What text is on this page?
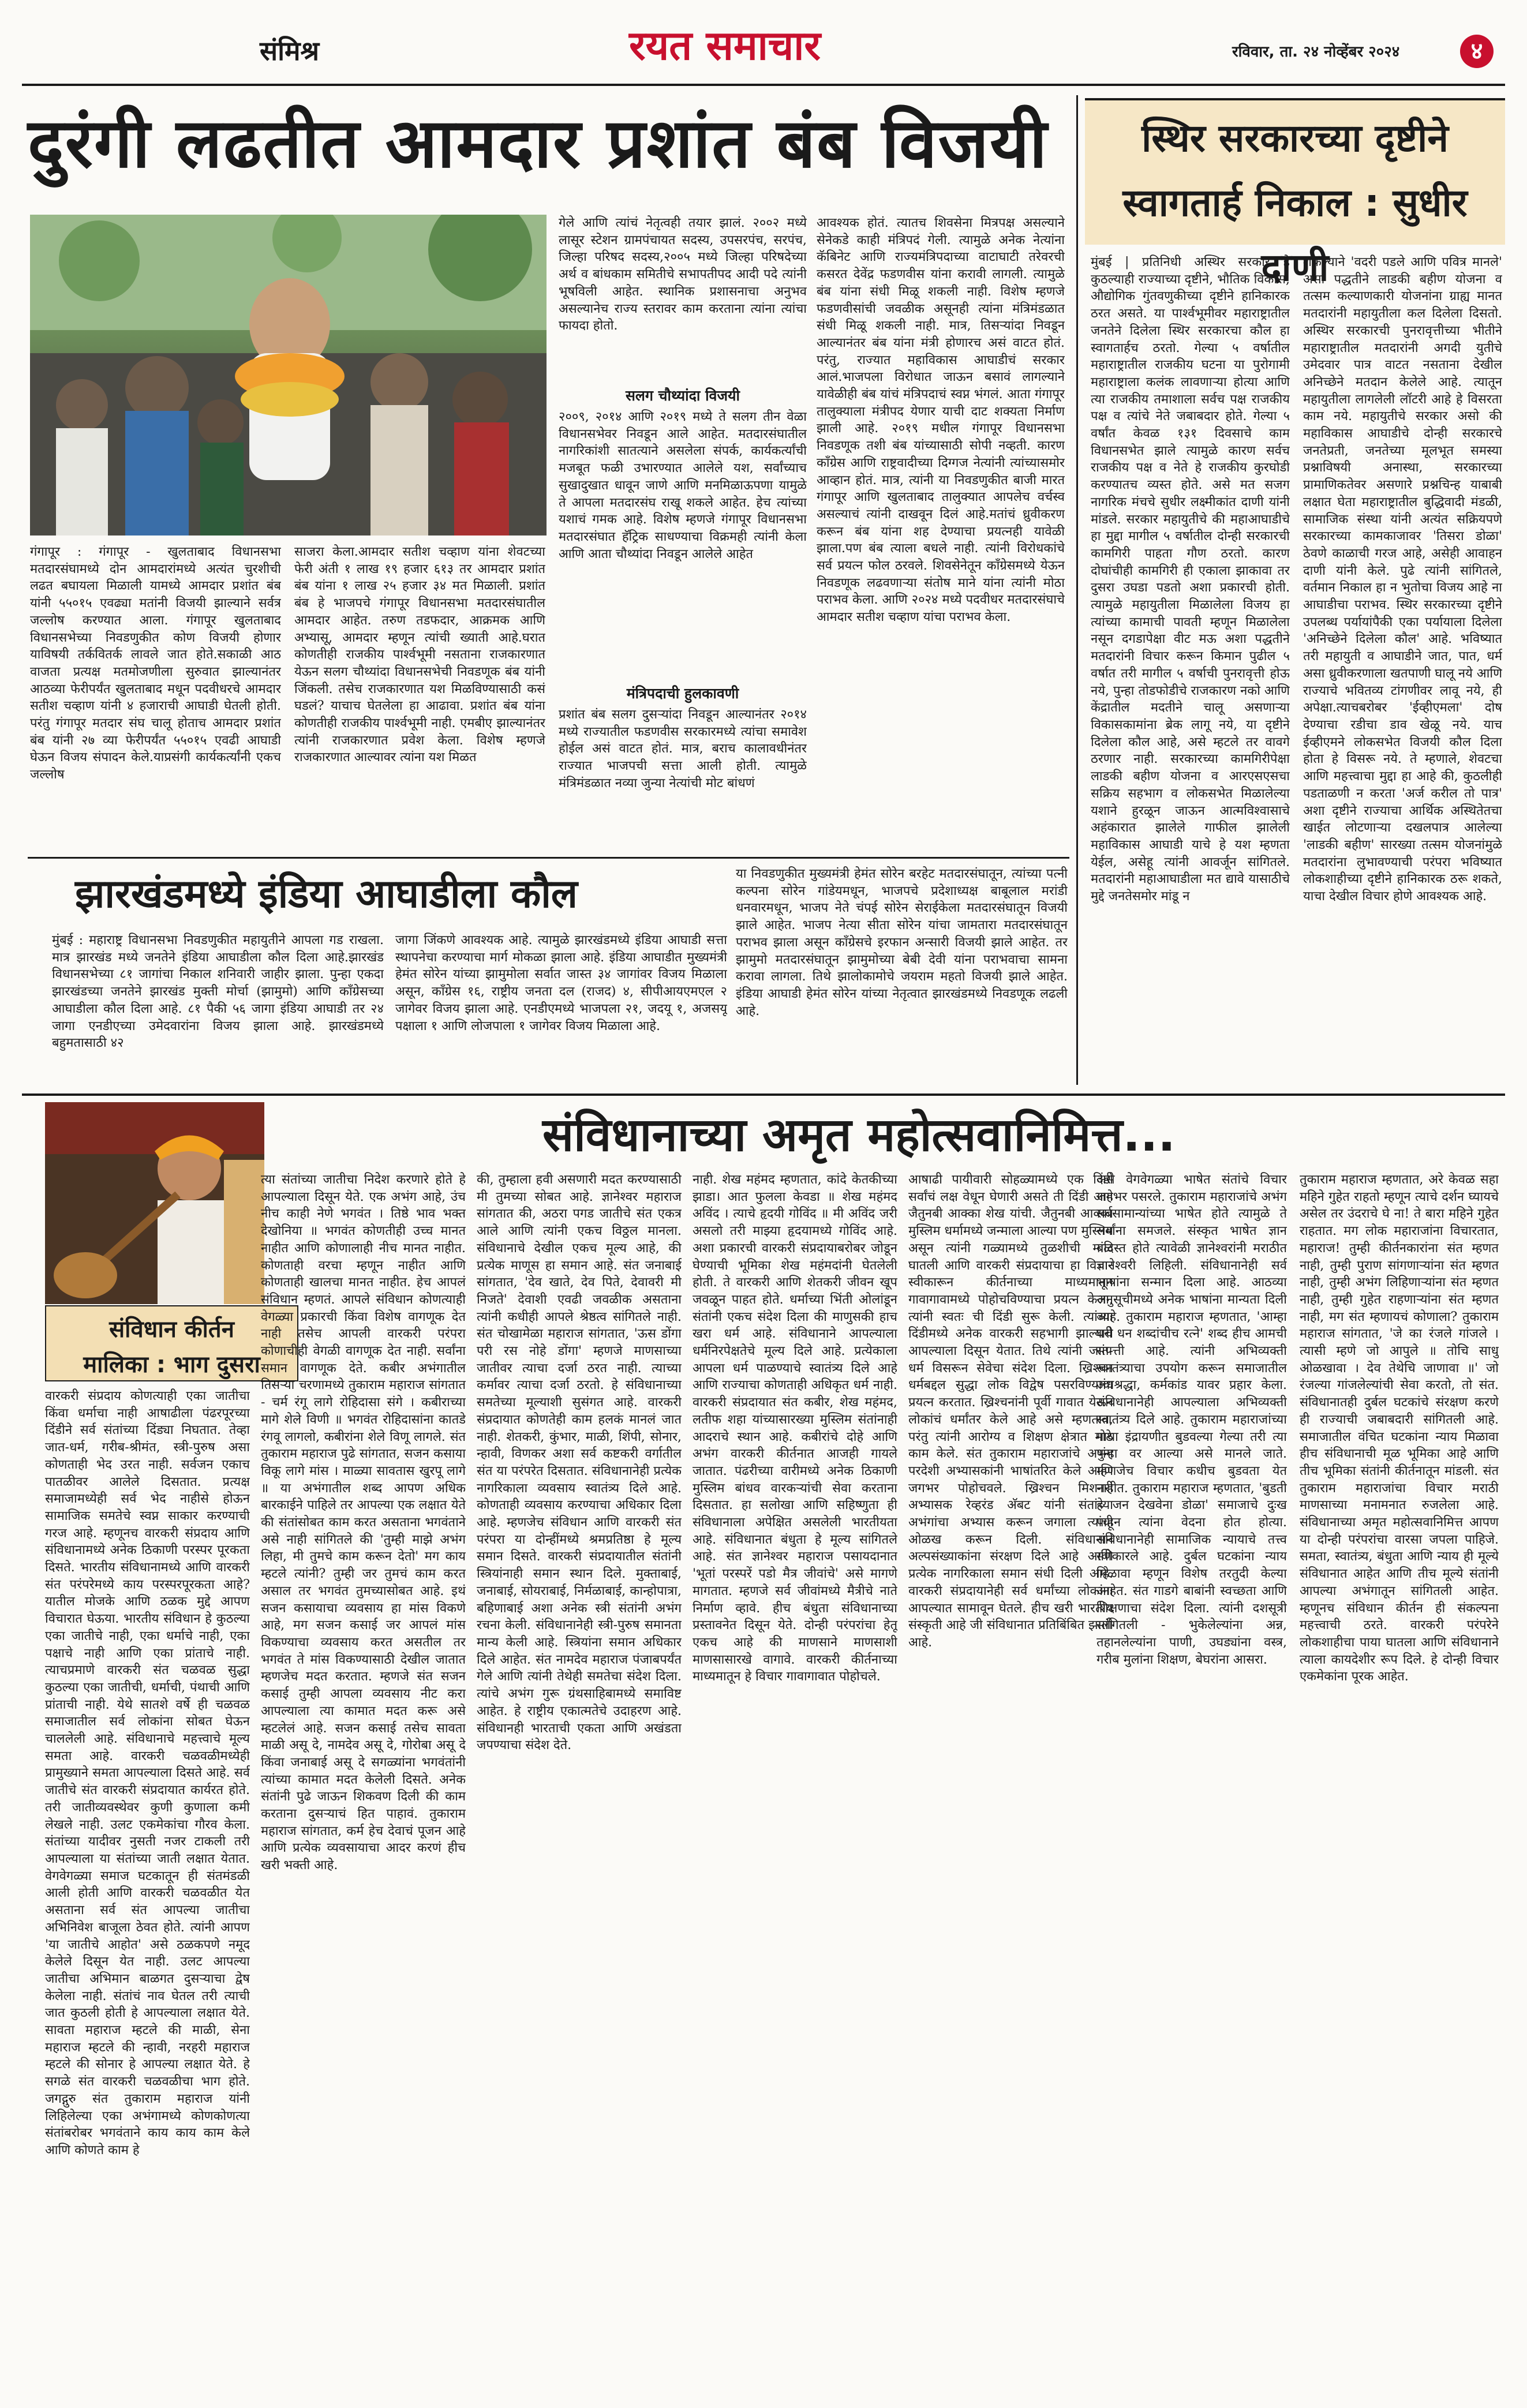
संमिश्र	रयत समाचार	रविवार, ता. २४ नोव्हेंबर २०२४	४
दुरंगी लढतीत आमदार प्रशांत बंब विजयी
गंगापूर : गंगापूर - खुलताबाद विधानसभा मतदारसंघामध्ये दोन आमदारांमध्ये अत्यंत चुरशीची लढत बघायला मिळाली यामध्ये आमदार प्रशांत बंब यांनी ५५०१५ एवढ्या मतांनी विजयी झाल्याने सर्वत्र जल्लोष करण्यात आला. गंगापूर खुलताबाद विधानसभेच्या निवडणुकीत कोण विजयी होणार याविषयी तर्कवितर्क लावले जात होते.सकाळी आठ वाजता प्रत्यक्ष मतमोजणीला सुरुवात झाल्यानंतर आठव्या फेरीपर्यंत खुलताबाद मधून पदवीधरचे आमदार सतीश चव्हाण यांनी ४ हजाराची आघाडी घेतली होती. परंतु गंगापूर मतदार संघ चालू होताच आमदार प्रशांत बंब यांनी २७ व्या फेरीपर्यंत ५५०१५ एवढी आघाडी घेऊन विजय संपादन केले.याप्रसंगी कार्यकर्त्यांनी एकच जल्लोष
साजरा केला.आमदार सतीश चव्हाण यांना शेवटच्या फेरी अंती १ लाख १९ हजार ६१३ तर आमदार प्रशांत बंब यांना १ लाख २५ हजार ३४ मत मिळाली. प्रशांत बंब हे भाजपचे गंगापूर विधानसभा मतदारसंघातील आमदार आहेत. तरुण तडफदार, आक्रमक आणि अभ्यासू, आमदार म्हणून त्यांची ख्याती आहे.घरात कोणतीही राजकीय पार्श्वभूमी नसताना राजकारणात येऊन सलग चौथ्यांदा विधानसभेची निवडणूक बंब यांनी जिंकली. तसेच राजकारणात यश मिळविण्यासाठी कसं घडलं? याचाच घेतलेला हा आढावा. प्रशांत बंब यांना कोणतीही राजकीय पार्श्वभूमी नाही. एमबीए झाल्यानंतर त्यांनी राजकारणात प्रवेश केला. विशेष म्हणजे राजकारणात आल्यावर त्यांना यश मिळत
गेले आणि त्यांचं नेतृत्वही तयार झालं. २००२ मध्ये लासूर स्टेशन ग्रामपंचायत सदस्य, उपसरपंच, सरपंच, जिल्हा परिषद सदस्य,२००५ मध्ये जिल्हा परिषदेच्या अर्थ व बांधकाम समितीचे सभापतीपद आदी पदे त्यांनी भूषविली आहेत. स्थानिक प्रशासनाचा अनुभव असल्यानेच राज्य स्तरावर काम करताना त्यांना त्यांचा फायदा होतो.
सलग चौथ्यांदा विजयी
२००९, २०१४ आणि २०१९ मध्ये ते सलग तीन वेळा विधानसभेवर निवडून आले आहेत. मतदारसंघातील नागरिकांशी सातत्याने असलेला संपर्क, कार्यकर्त्यांची मजबूत फळी उभारण्यात आलेले यश, सर्वांच्याच सुखादुखात धावून जाणे आणि मनमिळाऊपणा यामुळे ते आपला मतदारसंघ राखू शकले आहेत. हेच त्यांच्या यशाचं गमक आहे. विशेष म्हणजे गंगापूर विधानसभा मतदारसंघात हॅट्रिक साधण्याचा विक्रमही त्यांनी केला आणि आता चौथ्यांदा निवडून आलेले आहेत
मंत्रिपदाची हुलकावणी
प्रशांत बंब सलग दुसऱ्यांदा निवडून आल्यानंतर २०१४ मध्ये राज्यातील फडणवीस सरकारमध्ये त्यांचा समावेश होईल असं वाटत होतं. मात्र, बराच कालावधीनंतर राज्यात भाजपची सत्ता आली होती. त्यामुळे मंत्रिमंडळात नव्या जुन्या नेत्यांची मोट बांधणं
आवश्यक होतं. त्यातच शिवसेना मित्रपक्ष असल्याने सेनेकडे काही मंत्रिपदं गेली. त्यामुळे अनेक नेत्यांना कॅबिनेट आणि राज्यमंत्रिपदाच्या वाटाघाटी तरेवरची कसरत देवेंद्र फडणवीस यांना करावी लागली. त्यामुळे बंब यांना संधी मिळू शकली नाही. विशेष म्हणजे फडणवीसांची जवळीक असूनही त्यांना मंत्रिमंडळात संधी मिळू शकली नाही. मात्र, तिसऱ्यांदा निवडून आल्यानंतर बंब यांना मंत्री होणारच असं वाटत होतं. परंतु, राज्यात महाविकास आघाडीचं सरकार आलं.भाजपला विरोधात जाऊन बसावं लागल्याने यावेळीही बंब यांचं मंत्रिपदाचं स्वप्न भंगलं. आता गंगापूर तालुक्याला मंत्रीपद येणार याची दाट शक्यता निर्माण झाली आहे. २०१९ मधील गंगापूर विधानसभा निवडणूक तशी बंब यांच्यासाठी सोपी नव्हती. कारण काँग्रेस आणि राष्ट्रवादीच्या दिग्गज नेत्यांनी त्यांच्यासमोर आव्हान होतं. मात्र, त्यांनी या निवडणुकीत बाजी मारत गंगापूर आणि खुलताबाद तालुक्यात आपलेच वर्चस्व असल्याचं त्यांनी दाखवून दिलं आहे.मतांचं ध्रुवीकरण करून बंब यांना शह देण्याचा प्रयत्नही यावेळी झाला.पण बंब त्याला बधले नाही. त्यांनी विरोधकांचे सर्व प्रयत्न फोल ठरवले. शिवसेनेतून काँग्रेसमध्ये येऊन निवडणूक लढवणाऱ्या संतोष माने यांना त्यांनी मोठा पराभव केला. आणि २०२४ मध्ये पदवीधर मतदारसंघाचे आमदार सतीश चव्हाण यांचा पराभव केला.
स्थिर सरकारच्या दृष्टीने स्वागतार्ह निकाल : सुधीर दाणी
मुंबई | प्रतिनिधी अस्थिर सरकार हे कुठल्याही राज्याच्या दृष्टीने, भौतिक विकास, औद्योगिक गुंतवणुकीच्या दृष्टीने हानिकारक ठरत असते. या पार्श्वभूमीवर महाराष्ट्रातील जनतेने दिलेला स्थिर सरकारचा कौल हा स्वागतार्हच ठरतो. गेल्या ५ वर्षातील महाराष्ट्रातील राजकीय घटना या पुरोगामी महाराष्ट्राला कलंक लावणाऱ्या होत्या आणि त्या राजकीय तमाशाला सर्वच पक्ष राजकीय पक्ष व त्यांचे नेते जबाबदार होते. गेल्या ५ वर्षांत केवळ १३१ दिवसाचे काम विधानसभेत झाले त्यामुळे कारण सर्वच राजकीय पक्ष व नेते हे राजकीय कुरघोडी करण्यातच व्यस्त होते. असे मत सजग नागरिक मंचचे सुधीर लक्ष्मीकांत दाणी यांनी मांडले. सरकार महायुतीचे की महाआघाडीचे हा मुद्दा मागील ५ वर्षातील दोन्ही सरकारची कामगिरी पाहता गौण ठरतो. कारण दोघांचीही कामगिरी ही एकाला झाकावा तर दुसरा उघडा पडतो अशा प्रकारची होती. त्यामुळे महायुतीला मिळालेला विजय हा त्यांच्या कामाची पावती म्हणून मिळालेला नसून दगडापेक्षा वीट मऊ अशा पद्धतीने मतदारांनी विचार करून किमान पुढील ५ वर्षात तरी मागील ५ वर्षाची पुनरावृत्ती होऊ नये, पुन्हा तोडफोडीचे राजकारण नको आणि केंद्रातील मदतीने चालू असणाऱ्या विकासकामांना ब्रेक लागू नये, या दृष्टीने दिलेला कौल आहे, असे म्हटले तर वावगे ठरणार नाही. सरकारच्या कामगिरीपेक्षा लाडकी बहीण योजना व आरएसएसचा सक्रिय सहभाग व लोकसभेत मिळालेल्या यशाने हुरळून जाऊन आत्मविश्वासाचे अहंकारात झालेले गाफील झालेली महाविकास आघाडी याचे हे यश म्हणता येईल, असेहू त्यांनी आवर्जून सांगितले. मतदारांनी महाआघाडीला मत द्यावे यासाठीचे मुद्दे जनतेसमोर मांडू न
शकल्याने 'वदरी पडले आणि पवित्र मानले' असा पद्धतीने लाडकी बहीण योजना व तत्सम कल्याणकारी योजनांना ग्राह्य मानत मतदारांनी महायुतीला कल दिलेला दिसतो. अस्थिर सरकारची पुनरावृत्तीच्या भीतीने महाराष्ट्रातील मतदारांनी अगदी युतीचे उमेदवार पात्र वाटत नसताना देखील अनिच्छेने मतदान केलेले आहे. त्यातून महायुतीला लागलेली लॉटरी आहे हे विसरता काम नये. महायुतीचे सरकार असो की महाविकास आघाडीचे दोन्ही सरकारचे जनतेप्रती, जनतेच्या मूलभूत समस्या प्रश्नाविषयी अनास्था, सरकारच्या प्रामाणिकतेवर असणारे प्रश्नचिन्ह याबाबी लक्षात घेता महाराष्ट्रातील बुद्धिवादी मंडळी, सामाजिक संस्था यांनी अत्यंत सक्रियपणे सरकारच्या कामकाजावर 'तिसरा डोळा' ठेवणे काळाची गरज आहे, असेही आवाहन दाणी यांनी केले. पुढे त्यांनी सांगितले, वर्तमान निकाल हा न भुतोचा विजय आहे ना आघाडीचा पराभव. स्थिर सरकारच्या दृष्टीने उपलब्ध पर्यायांपैकी एका पर्यायाला दिलेला 'अनिच्छेने दिलेला कौल' आहे. भविष्यात तरी महायुती व आघाडीने जात, पात, धर्म असा ध्रुवीकरणाला खतपाणी घालू नये आणि राज्याचे भवितव्य टांगणीवर लावू नये, ही अपेक्षा.त्याचबरोबर 'ईव्हीएमला' दोष देण्याचा रडीचा डाव खेळू नये. याच ईव्हीएमने लोकसभेत विजयी कौल दिला होता हे विसरू नये. ते म्हणाले, शेवटचा आणि महत्त्वाचा मुद्दा हा आहे की, कुठलीही पडताळणी न करता 'अर्ज करील तो पात्र' अशा दृष्टीने राज्याचा आर्थिक अस्थितेतचा खाईत लोटणाऱ्या दखलपात्र आलेल्या 'लाडकी बहीण' सारख्या तत्सम योजनांमुळे मतदारांना लुभावण्याची परंपरा भविष्यात लोकशाहीच्या दृष्टीने हानिकारक ठरू शकते, याचा देखील विचार होणे आवश्यक आहे.
झारखंडमध्ये इंडिया आघाडीला कौल
मुंबई : महाराष्ट्र विधानसभा निवडणुकीत महायुतीने आपला गड राखला. मात्र झारखंड मध्ये जनतेने इंडिया आघाडीला कौल दिला आहे.झारखंड विधानसभेच्या ८१ जागांचा निकाल शनिवारी जाहीर झाला. पुन्हा एकदा झारखंडच्या जनतेने झारखंड मुक्ती मोर्चा (झामुमो) आणि काँग्रेसच्या आघाडीला कौल दिला आहे. ८१ पैकी ५६ जागा इंडिया आघाडी तर २४ जागा एनडीएच्या उमेदवारांना विजय झाला आहे. झारखंडमध्ये बहुमतासाठी ४२
जागा जिंकणे आवश्यक आहे. त्यामुळे झारखंडमध्ये इंडिया आघाडी सत्ता स्थापनेचा करण्याचा मार्ग मोकळा झाला आहे. इंडिया आघाडीत मुख्यमंत्री हेमंत सोरेन यांच्या झामुमोला सर्वात जास्त ३४ जागांवर विजय मिळाला असून, काँग्रेस १६, राष्ट्रीय जनता दल (राजद) ४, सीपीआयएमएल २ जागेवर विजय झाला आहे. एनडीएमध्ये भाजपला २१, जदयू १, अजसयू पक्षाला १ आणि लोजपाला १ जागेवर विजय मिळाला आहे.
या निवडणुकीत मुख्यमंत्री हेमंत सोरेन बरहेट मतदारसंघातून, त्यांच्या पत्नी कल्पना सोरेन गांडेयमधून, भाजपचे प्रदेशाध्यक्ष बाबूलाल मरांडी धनवारमधून, भाजप नेते चंपई सोरेन सेराईकेला मतदारसंघातून विजयी झाले आहेत. भाजप नेत्या सीता सोरेन यांचा जामतारा मतदारसंघातून पराभव झाला असून काँग्रेसचे इरफान अन्सारी विजयी झाले आहेत. तर झामुमो मतदारसंघातून झामुमोच्या बेबी देवी यांना पराभवाचा सामना करावा लागला. तिथे झालोकामोचे जयराम महतो विजयी झाले आहेत. इंडिया आघाडी हेमंत सोरेन यांच्या नेतृत्वात झारखंडमध्ये निवडणूक लढली आहे.
संविधानाच्या अमृत महोत्सवानिमित्त...
संविधान कीर्तन
मालिका : भाग दुसरा
वारकरी संप्रदाय कोणत्याही एका जातीचा किंवा धर्माचा नाही आषाढीला पंढरपूरच्या दिंडीने सर्व संतांच्या दिंड्या निघतात. तेव्हा जात-धर्म, गरीब-श्रीमंत, स्त्री-पुरुष असा कोणताही भेद उरत नाही. सर्वजन एकाच पातळीवर आलेले दिसतात. प्रत्यक्ष समाजामध्येही सर्व भेद नाहीसे होऊन सामाजिक समतेचे स्वप्न साकार करण्याची गरज आहे. म्हणूनच वारकरी संप्रदाय आणि संविधानामध्ये अनेक ठिकाणी परस्पर पूरकता दिसते. भारतीय संविधानामध्ये आणि वारकरी संत परंपरेमध्ये काय परस्परपूरकता आहे? यातील मोजके आणि ठळक मुद्दे आपण विचारात घेऊया. भारतीय संविधान हे कुठल्या एका जातीचे नाही, एका धर्माचे नाही, एका पक्षाचे नाही आणि एका प्रांताचे नाही. त्याचप्रमाणे वारकरी संत चळवळ सुद्धा कुठल्या एका जातीची, धर्माची, पंथाची आणि प्रांताची नाही. येथे सातशे वर्षे ही चळवळ समाजातील सर्व लोकांना सोबत घेऊन चाललेली आहे. संविधानाचे महत्त्वाचे मूल्य समता आहे. वारकरी चळवळीमध्येही प्रामुख्याने समता आपल्याला दिसते आहे. सर्व जातीचे संत वारकरी संप्रदायात कार्यरत होते. तरी जातीव्यवस्थेवर कुणी कुणाला कमी लेखले नाही. उलट एकमेकांचा गौरव केला. संतांच्या यादीवर नुसती नजर टाकली तरी आपल्याला या संतांच्या जाती लक्षात येतात. वेगवेगळ्या समाज घटकातून ही संतमंडळी आली होती आणि वारकरी चळवळीत येत असताना सर्व संत आपल्या जातीचा अभिनिवेश बाजूला ठेवत होते. त्यांनी आपण 'या जातीचे आहोत' असे ठळकपणे नमूद केलेले दिसून येत नाही. उलट आपल्या जातीचा अभिमान बाळगत दुसऱ्याचा द्वेष केलेला नाही. संतांचं नाव घेतल तरी त्याची जात कुठली होती हे आपल्याला लक्षात येते. सावता महाराज म्हटले की माळी, सेना महाराज म्हटले की न्हावी, नरहरी महाराज म्हटले की सोनार हे आपल्या लक्षात येते. हे सगळे संत वारकरी चळवळीचा भाग होते. जगद्गुरु संत तुकाराम महाराज यांनी लिहिलेल्या एका अभंगामध्ये कोणकोणत्या संतांबरोबर भगवंताने काय काय काम केले आणि कोणते काम हे
त्या संतांच्या जातीचा निदेश करणारे होते हे आपल्याला दिसून येते. एक अभंग आहे, उंच नीच काही नेणे भगवंत । तिष्ठे भाव भक्त देखोनिया ॥ भगवंत कोणतीही उच्च मानत नाहीत आणि कोणालाही नीच मानत नाहीत. कोणताही वरचा म्हणून नाहीत आणि कोणताही खालचा मानत नाहीत. हेच आपलं संविधान म्हणतं. आपले संविधान कोणत्याही वेगळ्या प्रकारची किंवा विशेष वागणूक देत नाही तसेच आपली वारकरी परंपरा कोणाचीही वेगळी वागणूक देत नाही. सर्वांना समान वागणूक देते. कबीर अभंगातील तिसऱ्या चरणामध्ये तुकाराम महाराज सांगतात - चर्म रंगू लागे रोहिदासा संगे । कबीराच्या मागे शेले विणी ॥ भगवंत रोहिदासांना कातडे रंगवू लागलो, कबीरांना शेले विणू लागले. संत तुकाराम महाराज पुढे सांगतात, सजन कसाया विकू लागे मांस । माळ्या सावतास खुरपू लागे ॥ या अभंगातील शब्द आपण अधिक बारकाईने पाहिले तर आपल्या एक लक्षात येते की संतांसोबत काम करत असताना भगवंताने असे नाही सांगितले की 'तुम्ही माझे अभंग लिहा, मी तुमचे काम करून देतो' मग काय म्हटले त्यांनी? तुम्ही जर तुमचं काम करत असाल तर भगवंत तुमच्यासोबत आहे. इथं सजन कसायाचा व्यवसाय हा मांस विकणे आहे, मग सजन कसाई जर आपलं मांस विकण्याचा व्यवसाय करत असतील तर भगवंत ते मांस विकण्यासाठी देखील जातात म्हणजेच मदत करतात. म्हणजे संत सजन कसाई तुम्ही आपला व्यवसाय नीट करा आपल्याला त्या कामात मदत करू असे म्हटलेलं आहे. सजन कसाई तसेच सावता माळी असू दे, नामदेव असू दे, गोरोबा असू दे किंवा जनाबाई असू दे सगळ्यांना भगवंतांनी त्यांच्या कामात मदत केलेली दिसते. अनेक संतांनी पुढे जाऊन शिकवण दिली की काम करताना दुसऱ्याचं हित पाहावं. तुकाराम महाराज सांगतात, कर्म हेच देवाचं पूजन आहे आणि प्रत्येक व्यवसायाचा आदर करणं हीच खरी भक्ती आहे.
की, तुम्हाला हवी असणारी मदत करण्यासाठी मी तुमच्या सोबत आहे. ज्ञानेश्वर महाराज सांगतात की, अठरा पगड जातीचे संत एकत्र आले आणि त्यांनी एकच विठ्ठल मानला. संविधानाचे देखील एकच मूल्य आहे, की प्रत्येक माणूस हा समान आहे. संत जनाबाई सांगतात, 'देव खाते, देव पिते, देवावरी मी निजते' देवाशी एवढी जवळीक असताना त्यांनी कधीही आपले श्रेष्ठत्व सांगितले नाही. संत चोखामेळा महाराज सांगतात, 'ऊस डोंगा परी रस नोहे डोंगा' म्हणजे माणसाच्या जातीवर त्याचा दर्जा ठरत नाही. त्याच्या कर्मावर त्याचा दर्जा ठरतो. हे संविधानाच्या समतेच्या मूल्याशी सुसंगत आहे. वारकरी संप्रदायात कोणतेही काम हलकं मानलं जात नाही. शेतकरी, कुंभार, माळी, शिंपी, सोनार, न्हावी, विणकर अशा सर्व कष्टकरी वर्गातील संत या परंपरेत दिसतात. संविधानानेही प्रत्येक नागरिकाला व्यवसाय स्वातंत्र्य दिले आहे. कोणताही व्यवसाय करण्याचा अधिकार दिला आहे. म्हणजेच संविधान आणि वारकरी संत परंपरा या दोन्हींमध्ये श्रमप्रतिष्ठा हे मूल्य समान दिसते. वारकरी संप्रदायातील संतांनी स्त्रियांनाही समान स्थान दिले. मुक्ताबाई, जनाबाई, सोयराबाई, निर्मळाबाई, कान्होपात्रा, बहिणाबाई अशा अनेक स्त्री संतांनी अभंग रचना केली. संविधानानेही स्त्री-पुरुष समानता मान्य केली आहे. स्त्रियांना समान अधिकार दिले आहेत. संत नामदेव महाराज पंजाबपर्यंत गेले आणि त्यांनी तेथेही समतेचा संदेश दिला. त्यांचे अभंग गुरू ग्रंथसाहिबामध्ये समाविष्ट आहेत. हे राष्ट्रीय एकात्मतेचे उदाहरण आहे. संविधानही भारताची एकता आणि अखंडता जपण्याचा संदेश देते.
नाही. शेख महंमद म्हणतात, कांदे केतकीच्या झाडा। आत फुलला केवडा ॥ शेख महंमद अविंद । त्याचे हृदयी गोविंद ॥ मी अविंद जरी असलो तरी माझ्या हृदयामध्ये गोविंद आहे. अशा प्रकारची वारकरी संप्रदायाबरोबर जोडून घेण्याची भूमिका शेख महंमदांनी घेतलेली होती. ते वारकरी आणि शेतकरी जीवन खूप जवळून पाहत होते. धर्माच्या भिंती ओलांडून संतांनी एकच संदेश दिला की माणुसकी हाच खरा धर्म आहे. संविधानाने आपल्याला धर्मनिरपेक्षतेचे मूल्य दिले आहे. प्रत्येकाला आपला धर्म पाळण्याचे स्वातंत्र्य दिले आहे आणि राज्याचा कोणताही अधिकृत धर्म नाही. वारकरी संप्रदायात संत कबीर, शेख महंमद, लतीफ शहा यांच्यासारख्या मुस्लिम संतांनाही आदराचे स्थान आहे. कबीरांचे दोहे आणि अभंग वारकरी कीर्तनात आजही गायले जातात. पंढरीच्या वारीमध्ये अनेक ठिकाणी मुस्लिम बांधव वारकऱ्यांची सेवा करताना दिसतात. हा सलोखा आणि सहिष्णुता ही संविधानाला अपेक्षित असलेली भारतीयता आहे. संविधानात बंधुता हे मूल्य सांगितले आहे. संत ज्ञानेश्वर महाराज पसायदानात 'भूतां परस्परें पडो मैत्र जीवांचे' असे मागणे मागतात. म्हणजे सर्व जीवांमध्ये मैत्रीचे नाते निर्माण व्हावे. हीच बंधुता संविधानाच्या प्रस्तावनेत दिसून येते. दोन्ही परंपरांचा हेतू एकच आहे की माणसाने माणसाशी माणसासारखे वागावे. वारकरी कीर्तनाच्या माध्यमातून हे विचार गावागावात पोहोचले.
आषाढी पायीवारी सोहळ्यामध्ये एक दिंडी सर्वांचं लक्ष वेधून घेणारी असते ती दिंडी आहे जैतुनबी आक्का शेख यांची. जैतुनबी आक्का मुस्लिम धर्मामध्ये जन्माला आल्या पण मुस्लिम असून त्यांनी गळ्यामध्ये तुळशीची माळ घातली आणि वारकरी संप्रदायाचा हा विचार स्वीकारून कीर्तनाच्या माध्यमातून गावागावामध्ये पोहोचविण्याचा प्रयत्न केला. त्यांनी स्वतः ची दिंडी सुरू केली. त्यांच्या दिंडीमध्ये अनेक वारकरी सहभागी झाल्याचे आपल्याला दिसून येतात. तिथे त्यांनी जात-धर्म विसरून सेवेचा संदेश दिला. ख्रिश्चन धर्मबद्दल सुद्धा लोक विद्वेष पसरविण्याचा प्रयत्न करतात. ख्रिश्चनांनी पूर्वी गावात येऊन लोकांचं धर्मांतर केले आहे असे म्हणतात, परंतु त्यांनी आरोग्य व शिक्षण क्षेत्रात मोठे काम केले. संत तुकाराम महाराजांचे अभंग परदेशी अभ्यासकांनी भाषांतरित केले आणि जगभर पोहोचवले. ख्रिश्चन मिशनरी अभ्यासक रेव्हरंड अ‍ॅबट यांनी संतांच्या अभंगांचा अभ्यास करून जगाला त्यांची ओळख करून दिली. संविधानाने अल्पसंख्याकांना संरक्षण दिले आहे आणि प्रत्येक नागरिकाला समान संधी दिली आहे. वारकरी संप्रदायानेही सर्व धर्मांच्या लोकांना आपल्यात सामावून घेतले. हीच खरी भारतीय संस्कृती आहे जी संविधानात प्रतिबिंबित झाली आहे.
असे वेगवेगळ्या भाषेत संतांचे विचार जगभर पसरले. तुकाराम महाराजांचे अभंग सर्वसामान्यांच्या भाषेत होते त्यामुळे ते सर्वांना समजले. संस्कृत भाषेत ज्ञान बंदिस्त होते त्यावेळी ज्ञानेश्वरांनी मराठीत ज्ञानेश्वरी लिहिली. संविधानानेही सर्व भाषांना सन्मान दिला आहे. आठव्या अनुसूचीमध्ये अनेक भाषांना मान्यता दिली आहे. तुकाराम महाराज म्हणतात, 'आम्हा घरी धन शब्दांचीच रत्ने' शब्द हीच आमची संपत्ती आहे. त्यांनी अभिव्यक्ती स्वातंत्र्याचा उपयोग करून समाजातील अंधश्रद्धा, कर्मकांड यावर प्रहार केला. संविधानानेही आपल्याला अभिव्यक्ती स्वातंत्र्य दिले आहे. तुकाराम महाराजांच्या गाथा इंद्रायणीत बुडवल्या गेल्या तरी त्या पुन्हा वर आल्या असे मानले जाते. म्हणजेच विचार कधीच बुडवता येत नाहीत. तुकाराम महाराज म्हणतात, 'बुडती हे जन देखवेना डोळा' समाजाचे दुःख पाहून त्यांना वेदना होत होत्या. संविधानानेही सामाजिक न्यायाचे तत्त्व स्वीकारले आहे. दुर्बल घटकांना न्याय मिळावा म्हणून विशेष तरतुदी केल्या आहेत. संत गाडगे बाबांनी स्वच्छता आणि शिक्षणाचा संदेश दिला. त्यांनी दशसूत्री सांगितली - भुकेलेल्यांना अन्न, तहानलेल्यांना पाणी, उघड्यांना वस्त्र, गरीब मुलांना शिक्षण, बेघरांना आसरा.
तुकाराम महाराज म्हणतात, अरे केवळ सहा महिने गुहेत राहतो म्हणून त्याचे दर्शन घ्यायचे असेल तर उंदराचे घे ना! ते बारा महिने गुहेत राहतात. मग लोक महाराजांना विचारतात, महाराज! तुम्ही कीर्तनकारांना संत म्हणत नाही, तुम्ही पुराण सांगणाऱ्यांना संत म्हणत नाही, तुम्ही अभंग लिहिणाऱ्यांना संत म्हणत नाही, तुम्ही गुहेत राहणाऱ्यांना संत म्हणत नाही, मग संत म्हणायचं कोणाला? तुकाराम महाराज सांगतात, 'जे का रंजले गांजले । त्यासी म्हणे जो आपुले ॥ तोचि साधु ओळखावा । देव तेथेचि जाणावा ॥' जो रंजल्या गांजलेल्यांची सेवा करतो, तो संत. संविधानातही दुर्बल घटकांचे संरक्षण करणे ही राज्याची जबाबदारी सांगितली आहे. समाजातील वंचित घटकांना न्याय मिळावा हीच संविधानाची मूळ भूमिका आहे आणि तीच भूमिका संतांनी कीर्तनातून मांडली. संत तुकाराम महाराजांचा विचार मराठी माणसाच्या मनामनात रुजलेला आहे. संविधानाच्या अमृत महोत्सवानिमित्त आपण या दोन्ही परंपरांचा वारसा जपला पाहिजे. समता, स्वातंत्र्य, बंधुता आणि न्याय ही मूल्ये संविधानात आहेत आणि तीच मूल्ये संतांनी आपल्या अभंगातून सांगितली आहेत. म्हणूनच संविधान कीर्तन ही संकल्पना महत्त्वाची ठरते. वारकरी परंपरेने लोकशाहीचा पाया घातला आणि संविधानाने त्याला कायदेशीर रूप दिले. हे दोन्ही विचार एकमेकांना पूरक आहेत.
